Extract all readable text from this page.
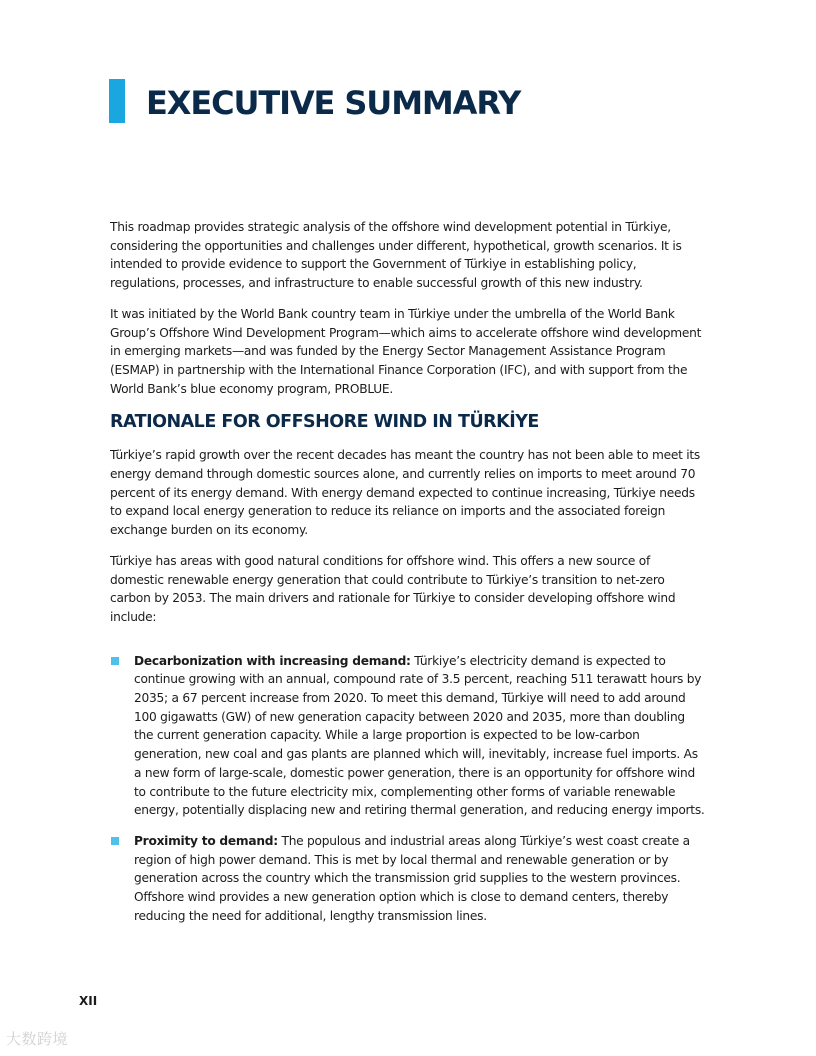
EXECUTIVE SUMMARY

This roadmap provides strategic analysis of the offshore wind development potential in Türkiye, considering the opportunities and challenges under different, hypothetical, growth scenarios. It is intended to provide evidence to support the Government of Türkiye in establishing policy, regulations, processes, and infrastructure to enable successful growth of this new industry.

It was initiated by the World Bank country team in Türkiye under the umbrella of the World Bank Group’s Offshore Wind Development Program—which aims to accelerate offshore wind development in emerging markets—and was funded by the Energy Sector Management Assistance Program (ESMAP) in partnership with the International Finance Corporation (IFC), and with support from the World Bank’s blue economy program, PROBLUE.

RATIONALE FOR OFFSHORE WIND IN TÜRKİYE

Türkiye’s rapid growth over the recent decades has meant the country has not been able to meet its energy demand through domestic sources alone, and currently relies on imports to meet around 70 percent of its energy demand. With energy demand expected to continue increasing, Türkiye needs to expand local energy generation to reduce its reliance on imports and the associated foreign exchange burden on its economy.

Türkiye has areas with good natural conditions for offshore wind. This offers a new source of domestic renewable energy generation that could contribute to Türkiye’s transition to net-zero carbon by 2053. The main drivers and rationale for Türkiye to consider developing offshore wind include:

Decarbonization with increasing demand: Türkiye’s electricity demand is expected to continue growing with an annual, compound rate of 3.5 percent, reaching 511 terawatt hours by 2035; a 67 percent increase from 2020. To meet this demand, Türkiye will need to add around 100 gigawatts (GW) of new generation capacity between 2020 and 2035, more than doubling the current generation capacity. While a large proportion is expected to be low-carbon generation, new coal and gas plants are planned which will, inevitably, increase fuel imports. As a new form of large-scale, domestic power generation, there is an opportunity for offshore wind to contribute to the future electricity mix, complementing other forms of variable renewable energy, potentially displacing new and retiring thermal generation, and reducing energy imports.
Proximity to demand: The populous and industrial areas along Türkiye’s west coast create a region of high power demand. This is met by local thermal and renewable generation or by generation across the country which the transmission grid supplies to the western provinces. Offshore wind provides a new generation option which is close to demand centers, thereby reducing the need for additional, lengthy transmission lines.
XII
大数跨境
